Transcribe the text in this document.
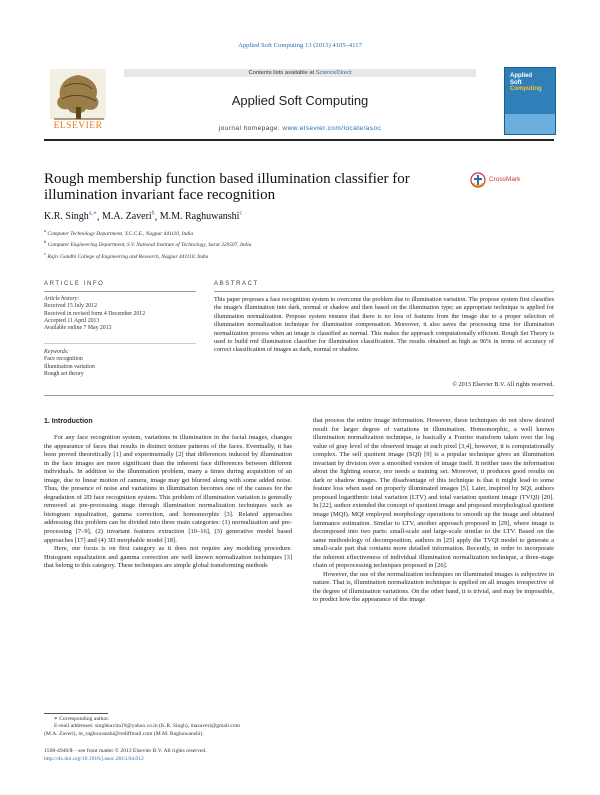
Applied Soft Computing 13 (2013) 4105–4117
ELSEVIER
Contents lists available at ScienceDirect
Applied Soft Computing
journal homepage: www.elsevier.com/locate/asoc
Applied
Soft
Computing
Rough membership function based illumination classifier for illumination invariant face recognition
CrossMark
K.R. Singh$^{a,∗}$, M.A. Zaveri$^b$, M.M. Raghuwanshi$^c$
$^a$ Computer Technology Department, Y.C.C.E., Nagpur 441110, India
$^b$ Computer Engineering Department, S.V. National Institute of Technology, Surat 329507, India
$^c$ Rajiv Gandhi College of Engineering and Research, Nagpur 441110, India
ARTICLE INFO	ABSTRACT
Article history:
Received 15 July 2012
Received in revised form 4 December 2012
Accepted 11 April 2013
Available online 7 May 2013
Keywords:
Face recognition
Illumination variation
Rough set theory
This paper proposes a face recognition system to overcome the problem due to illumination variation. The propose system first classifies the image's illumination into dark, normal or shadow and then based on the illumination type; an appropriate technique is applied for illumination normalization. Propose system ensures that there is no loss of features from the image due to a proper selection of illumination normalization technique for illumination compensation. Moreover, it also saves the processing time for illumination normalization process when an image is classified as normal. This makes the approach computationally efficient. Rough Set Theory is used to build rmf illumination classifier for illumination classification. The results obtained as high as 96% in terms of accuracy of correct classification of images as dark, normal or shadow.
© 2013 Elsevier B.V. All rights reserved.
1. Introduction

For any face recognition system, variations in illumination in the facial images, changes the appearance of faces that results in distinct texture patterns of the faces. Eventually, it has been proved theoretically [1] and experimentally [2] that differences induced by illumination in the face images are more significant than the inherent face differences between different individuals. In addition to the illumination problem, many a times during acquisition of an image, due to linear motion of camera, image may get blurred along with some added noise. Thus, the presence of noise and variations in illumination becomes one of the causes for the degradation of 2D face recognition system. This problem of illumination variation is generally removed at pre-processing stage through illumination normalization techniques such as histogram equalization, gamma correction, and homomorphic [3]. Related approaches addressing this problem can be divided into three main categories: (1) normalization and pre-processing [7–9], (2) invariant features extraction [10–16], (3) generative model based approaches [17] and (4) 3D morphable model [18].

Here, our focus is on first category as it does not require any modeling procedure. Histogram equalization and gamma correction are well known normalization techniques [3] that belong to this category. These techniques are simple global transforming methods

that process the entire image information. However, these techniques do not show desired result for larger degree of variations in illumination. Homomorphic, a well known illumination normalization technique, is basically a Fourier transform taken over the log value of gray level of the observed image at each pixel [3,4], however, it is computationally complex. The self quotient image (SQI) [9] is a popular technique gives an illumination invariant by division over a smoothed version of image itself. It neither uses the information about the lighting source, nor needs a training set. Moreover, it produces good results on dark or shadow images. The disadvantage of this technique is that it might lead to some feature loss when used on properly illuminated images [5]. Later, inspired by SQI, authors proposed logarithmic total variation (LTV) and total variation quotient image (TVQI) [20]. In [22], author extended the concept of quotient image and proposed morphological quotient image (MQI). MQI employed morphology operations to smooth up the image and obtained luminance estimation. Similar to LTV, another approach proposed in [29], where image is decomposed into two parts: small-scale and large-scale similar to the LTV. Based on the same methodology of decomposition, authors in [25] apply the TVQI model to generate a small-scale part that contains more detailed information. Recently, in order to incorporate the inherent effectiveness of individual illumination normalization technique, a three-stage chain of preprocessing techniques proposed in [26].

However, the use of the normalization techniques on illuminated images is subjective in nature. That is, illumination normalization technique is applied on all images irrespective of the degree of illumination variations. On the other hand, it is trivial, and may be impossible, to predict how the appearance of the image

∗ Corresponding author.
E-mail addresses: singhkavita19@yahoo.co.in (K.R. Singh), mazaveri@gmail.com
(M.A. Zaveri), m_raghuwanshi@rediffmail.com (M.M. Raghuwanshi).
1568-4946/$ – see front matter © 2013 Elsevier B.V. All rights reserved.
http://dx.doi.org/10.1016/j.asoc.2013.04.012
